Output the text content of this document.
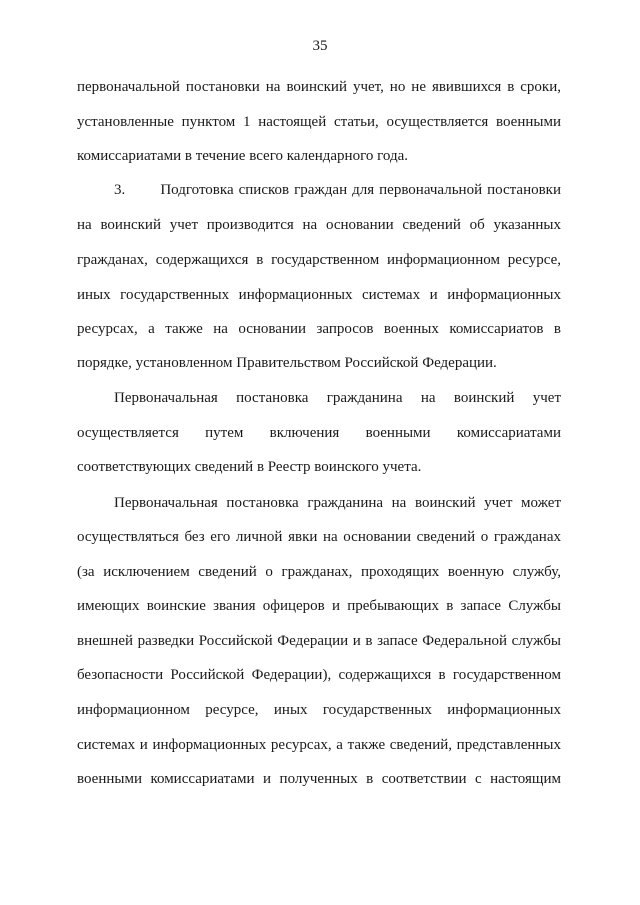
35
первоначальной постановки на воинский учет, но не явившихся в сроки,
установленные пунктом 1 настоящей статьи, осуществляется военными
комиссариатами в течение всего календарного года.
3.       Подготовка списков граждан для первоначальной постановки
на воинский учет производится на основании сведений об указанных
гражданах, содержащихся в государственном информационном ресурсе,
иных государственных информационных системах и информационных
ресурсах, а также на основании запросов военных комиссариатов в
порядке, установленном Правительством Российской Федерации.
Первоначальная постановка гражданина на воинский учет
осуществляется путем включения военными комиссариатами
соответствующих сведений в Реестр воинского учета.
Первоначальная постановка гражданина на воинский учет может
осуществляться без его личной явки на основании сведений о гражданах
(за исключением сведений о гражданах, проходящих военную службу,
имеющих воинские звания офицеров и пребывающих в запасе Службы
внешней разведки Российской Федерации и в запасе Федеральной службы
безопасности Российской Федерации), содержащихся в государственном
информационном ресурсе, иных государственных информационных
системах и информационных ресурсах, а также сведений, представленных
военными комиссариатами и полученных в соответствии с настоящим
